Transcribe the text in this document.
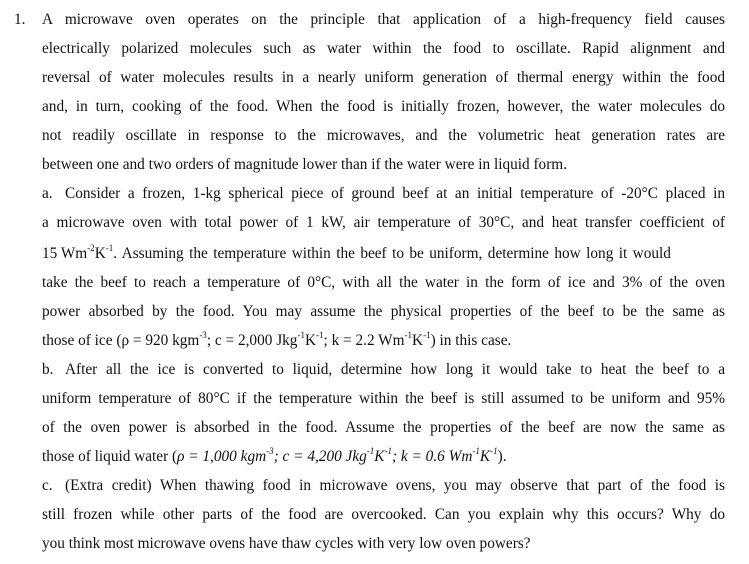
1. A microwave oven operates on the principle that application of a high-frequency field causes
electrically polarized molecules such as water within the food to oscillate. Rapid alignment and
reversal of water molecules results in a nearly uniform generation of thermal energy within the food
and, in turn, cooking of the food. When the food is initially frozen, however, the water molecules do
not readily oscillate in response to the microwaves, and the volumetric heat generation rates are
between one and two orders of magnitude lower than if the water were in liquid form.
a. Consider a frozen, 1-kg spherical piece of ground beef at an initial temperature of -20°C placed in
a microwave oven with total power of 1 kW, air temperature of 30°C, and heat transfer coefficient of
15 $Wm^{-2}K^{-1}$. Assuming the temperature within the beef to be uniform, determine how long it would
take the beef to reach a temperature of 0°C, with all the water in the form of ice and 3% of the oven
power absorbed by the food. You may assume the physical properties of the beef to be the same as
those of ice (ρ = 920 kgm$^{-3}$; c = 2,000 $Jkg^{-1}K^{-1}$; k = 2.2 $Wm^{-1}K^{-1}$) in this case.
b. After all the ice is converted to liquid, determine how long it would take to heat the beef to a
uniform temperature of 80°C if the temperature within the beef is still assumed to be uniform and 95%
of the oven power is absorbed in the food. Assume the properties of the beef are now the same as
those of liquid water (ρ = 1,000 kgm$^{-3}$; c = 4,200 $Jkg^{-1}K^{-1}$; k = 0.6 $Wm^{-1}K^{-1}$).
c. (Extra credit) When thawing food in microwave ovens, you may observe that part of the food is
still frozen while other parts of the food are overcooked. Can you explain why this occurs? Why do
you think most microwave ovens have thaw cycles with very low oven powers?
